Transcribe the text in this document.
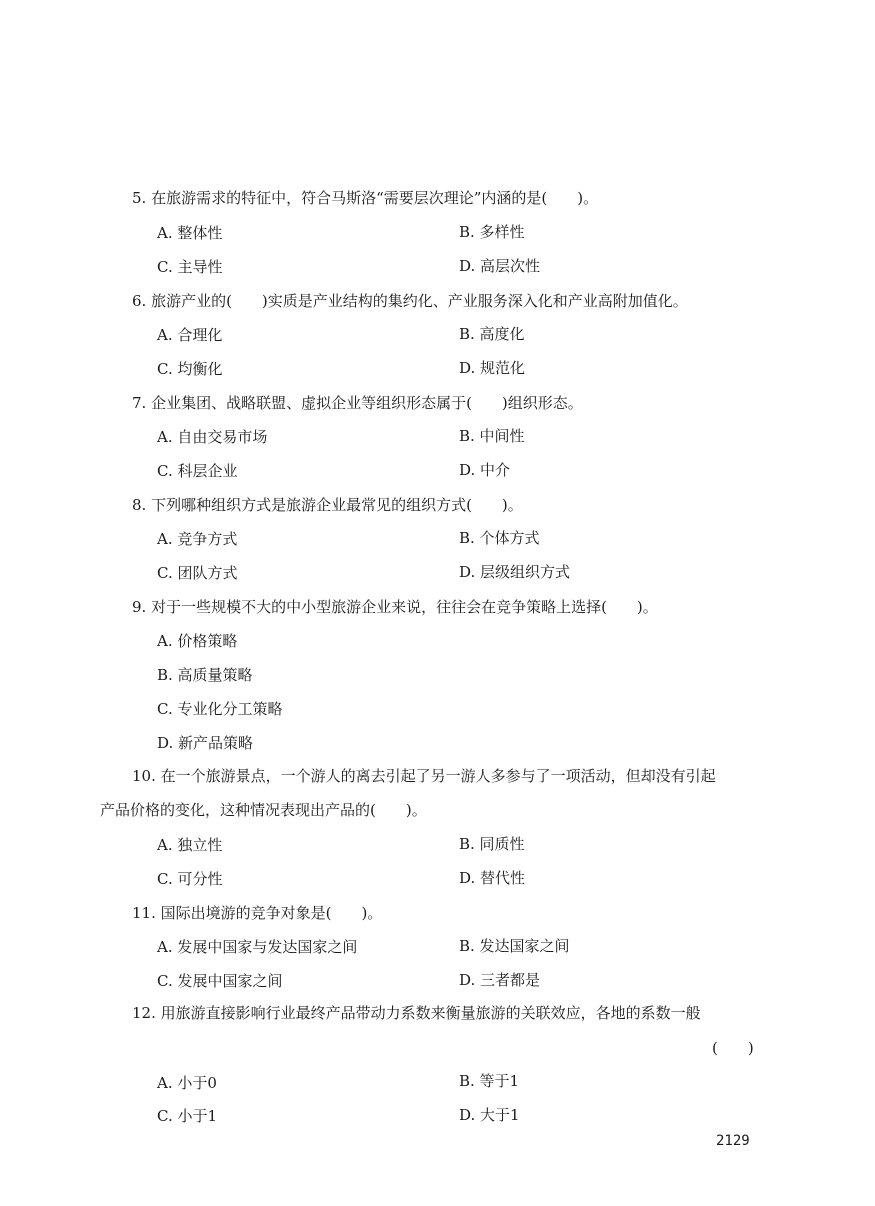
5. 在旅游需求的特征中，符合马斯洛“需要层次理论”内涵的是(　　)。
A. 整体性	B. 多样性
C. 主导性	D. 高层次性
6. 旅游产业的(　　)实质是产业结构的集约化、产业服务深入化和产业高附加值化。
A. 合理化	B. 高度化
C. 均衡化	D. 规范化
7. 企业集团、战略联盟、虚拟企业等组织形态属于(　　)组织形态。
A. 自由交易市场	B. 中间性
C. 科层企业	D. 中介
8. 下列哪种组织方式是旅游企业最常见的组织方式(　　)。
A. 竞争方式	B. 个体方式
C. 团队方式	D. 层级组织方式
9. 对于一些规模不大的中小型旅游企业来说，往往会在竞争策略上选择(　　)。
A. 价格策略
B. 高质量策略
C. 专业化分工策略
D. 新产品策略
10. 在一个旅游景点，一个游人的离去引起了另一游人多参与了一项活动，但却没有引起
产品价格的变化，这种情况表现出产品的(　　)。
A. 独立性	B. 同质性
C. 可分性	D. 替代性
11. 国际出境游的竞争对象是(　　)。
A. 发展中国家与发达国家之间	B. 发达国家之间
C. 发展中国家之间	D. 三者都是
12. 用旅游直接影响行业最终产品带动力系数来衡量旅游的关联效应，各地的系数一般
(　　)
A. 小于0	B. 等于1
C. 小于1	D. 大于1
2129
